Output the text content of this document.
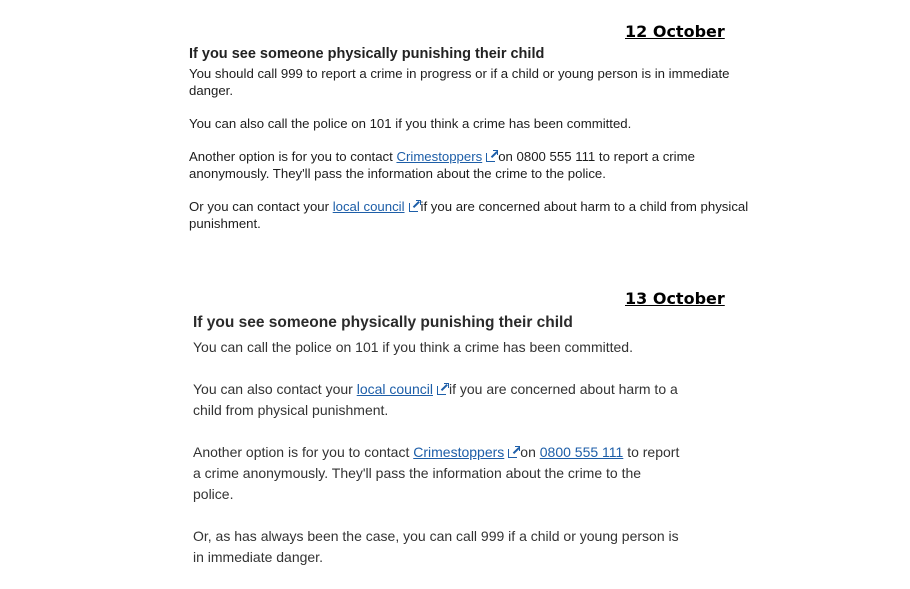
12 October

If you see someone physically punishing their child

You should call 999 to report a crime in progress or if a child or young person is in immediate danger.

You can also call the police on 101 if you think a crime has been committed.

Another option is for you to contact Crimestoppers on 0800 555 111 to report a crime anonymously. They'll pass the information about the crime to the police.

Or you can contact your local council if you are concerned about harm to a child from physical punishment.

13 October

If you see someone physically punishing their child

You can call the police on 101 if you think a crime has been committed.

You can also contact your local council if you are concerned about harm to a child from physical punishment.

Another option is for you to contact Crimestoppers on 0800 555 111 to report a crime anonymously. They'll pass the information about the crime to the police.

Or, as has always been the case, you can call 999 if a child or young person is in immediate danger.
